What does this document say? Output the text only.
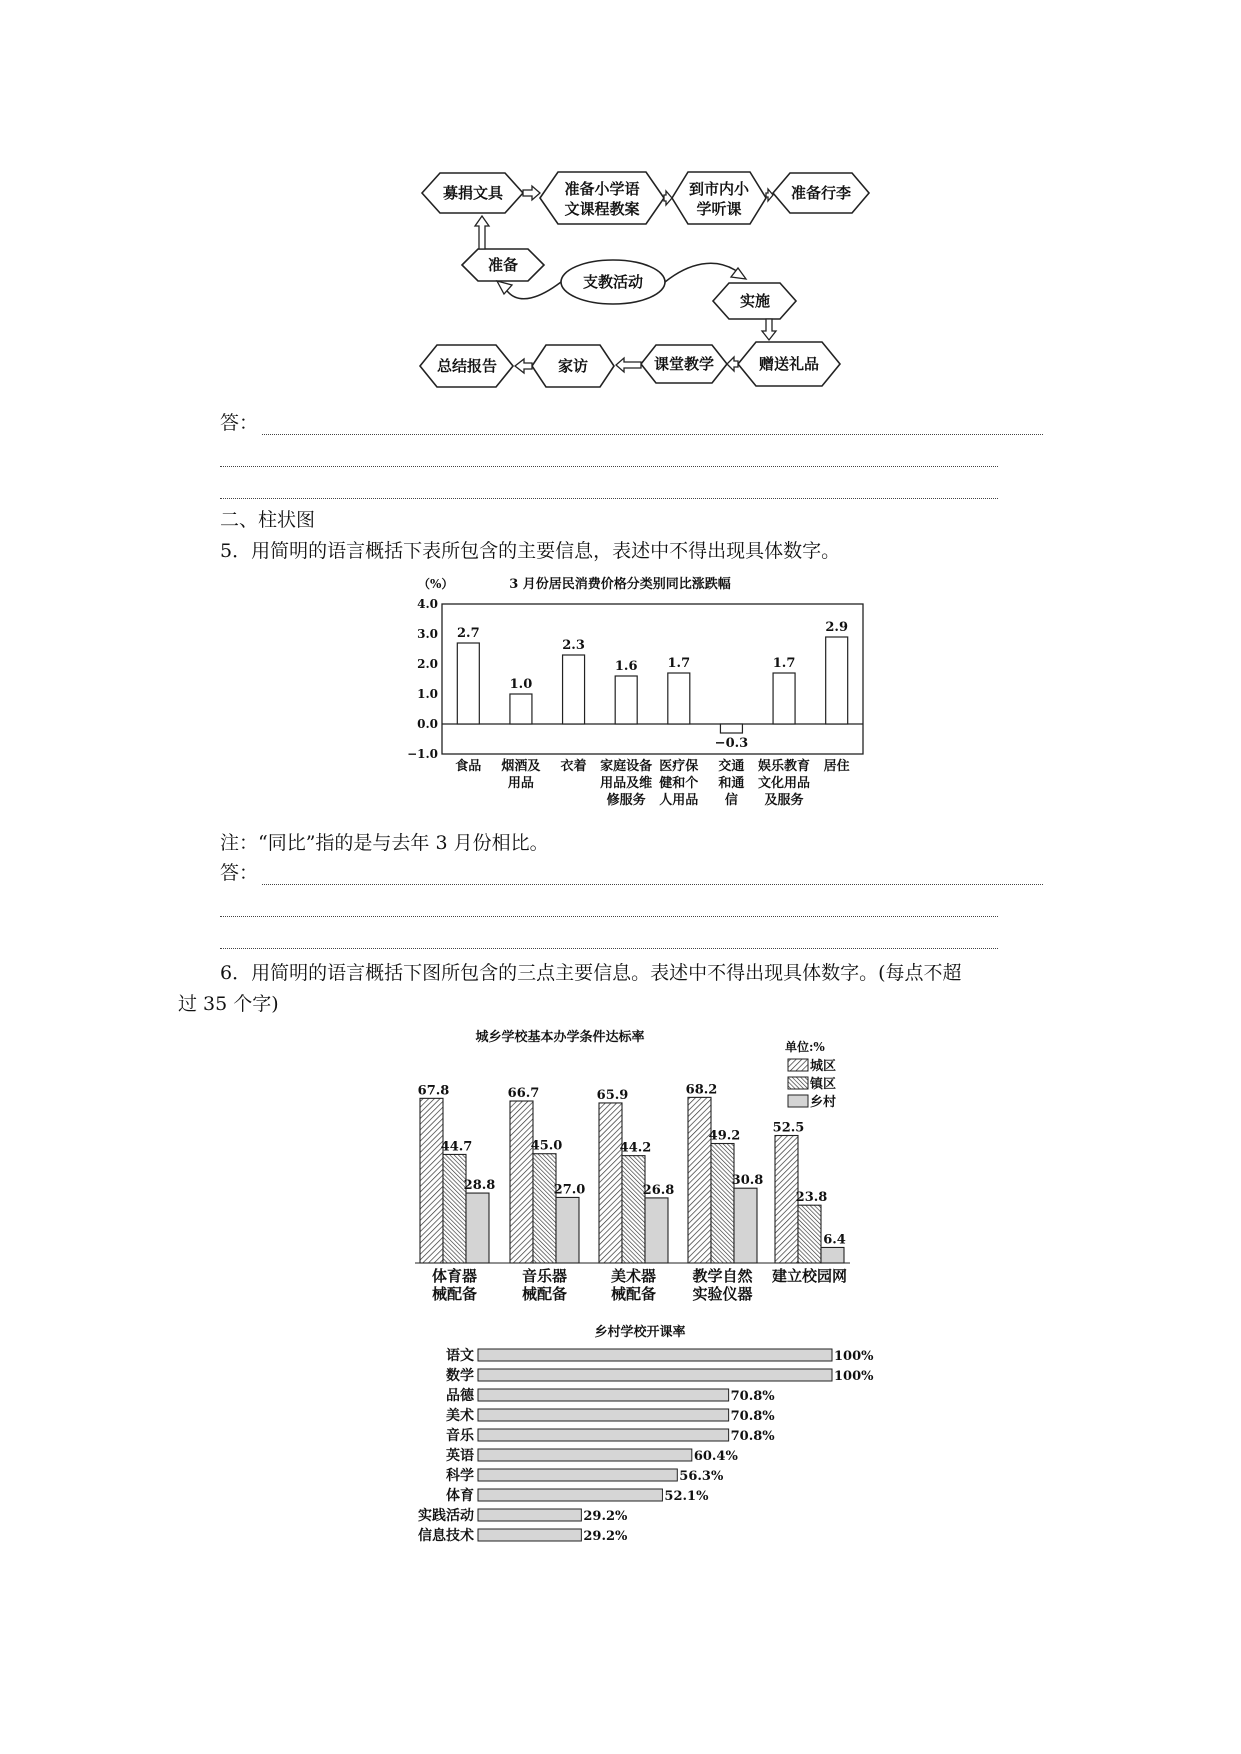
募捐文具	准备小学语
文课程教案
到市内小
学听课
准备行李
准备
支教活动
实施
赠送礼品
课堂教学
家访
总结报告
答：
二、柱状图
5．用简明的语言概括下表所包含的主要信息，表述中不得出现具体数字。
（%）	3 月份居民消费价格分类别同比涨跌幅
4.0
3.0
2.0
1.0
0.0
−1.0
2.7
1.0
2.3
1.6 1.7
−0.3
1.7
2.9
食品 烟酒及
用品
衣着 家庭设备
用品及维
修服务
医疗保
健和个
人用品
交通
和通
信
娱乐教育
文化用品
及服务
居住
注：“同比”指的是与去年 3 月份相比。
答：
6．用简明的语言概括下图所包含的三点主要信息。表述中不得出现具体数字。(每点不超
过 35 个字)
城乡学校基本办学条件达标率
单位:%
城区
镇区
乡村
67.8
44.7
28.8
66.7
45.0
27.0
65.9
44.2
26.8
68.2
49.2
30.8
52.5
23.8
6.4
体育器
械配备
音乐器
械配备
美术器
械配备
教学自然
实验仪器
建立校园网
乡村学校开课率
语文	100%
数学	100%
品德	70.8%
美术	70.8%
音乐	70.8%
英语	60.4%
科学	56.3%
体育	52.1%
实践活动	29.2%
信息技术	29.2%
